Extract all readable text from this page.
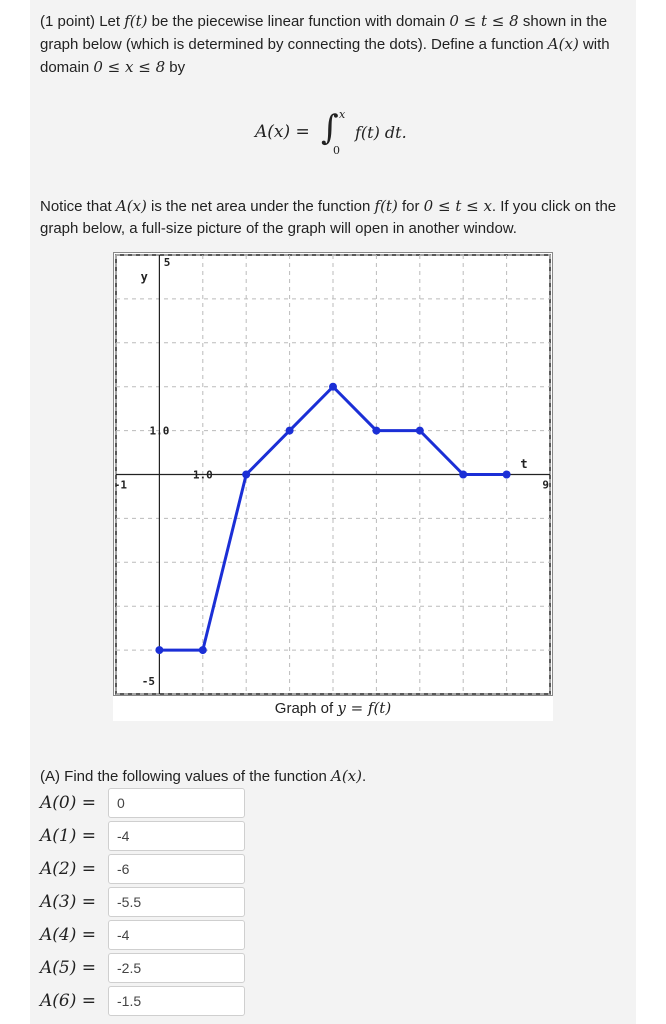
(1 point) Let f(t) be the piecewise linear function with domain 0 ≤ t ≤ 8 shown in the graph below (which is determined by connecting the dots). Define a function A(x) with domain 0 ≤ x ≤ 8 by
A(x) = ∫ x
0
f(t) dt.
Notice that A(x) is the net area under the function f(t) for 0 ≤ t ≤ x. If you click on the graph below, a full-size picture of the graph will open in another window.
y
t
5
-5
1.0
1.0
-1	9
Graph of y = f(t)
(A) Find the following values of the function A(x).
A(0) =
0
A(1) =
-4
A(2) =
-6
A(3) =
-5.5
A(4) =
-4
A(5) =
-2.5
A(6) =
-1.5
